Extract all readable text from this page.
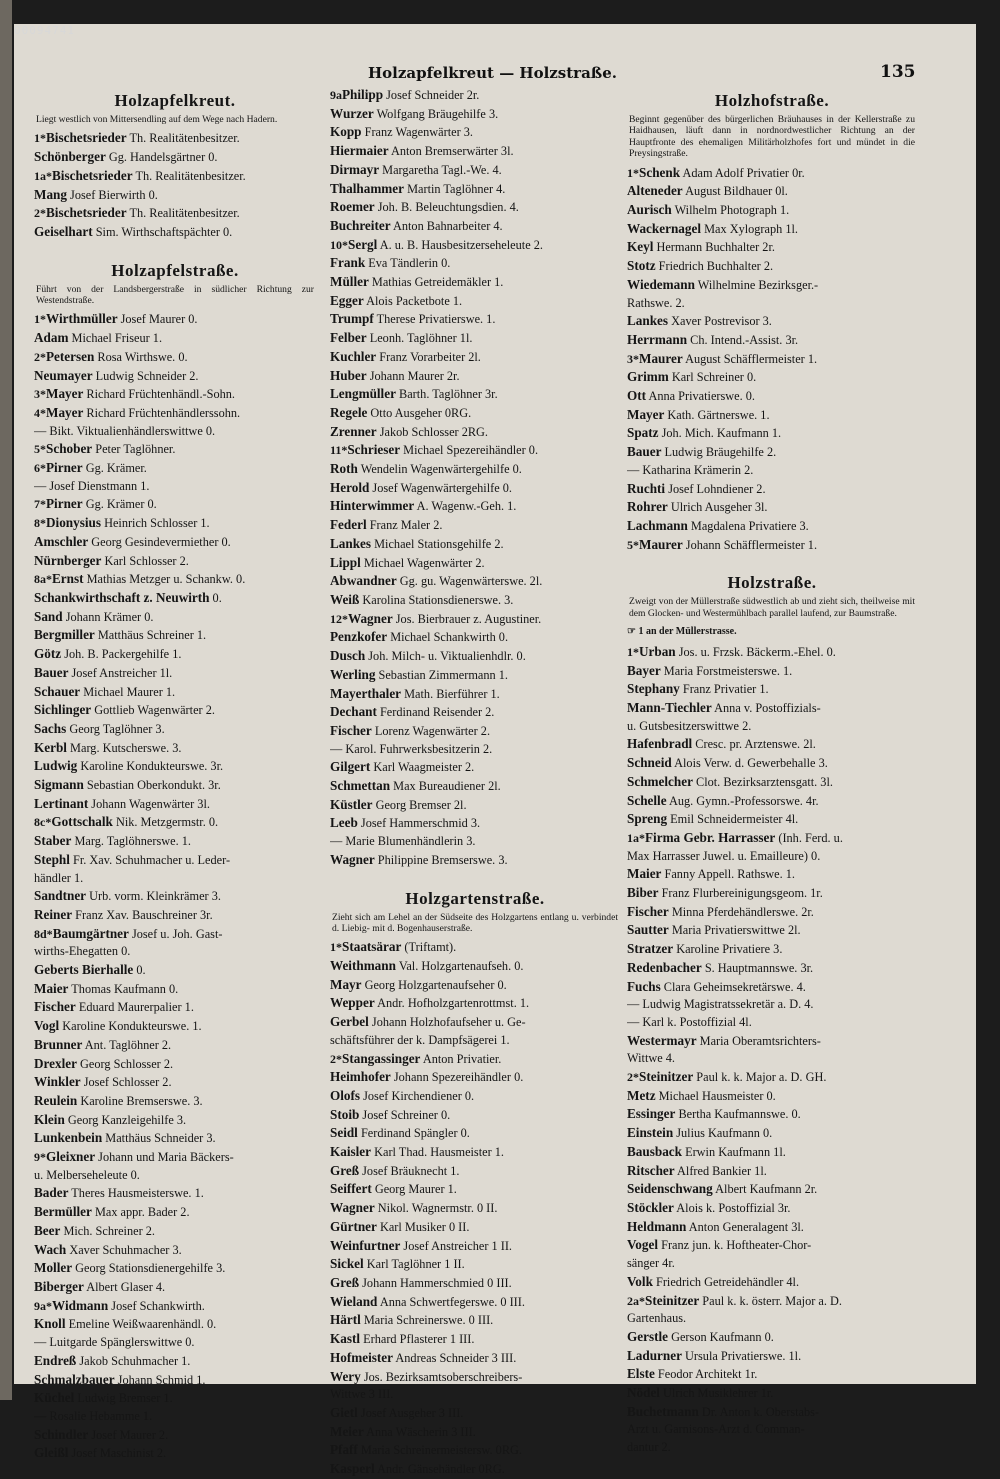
00094741
Holzapfelkreut — Holzstraße.	135
Holzapfelkreut.
Liegt westlich von Mittersendling auf dem Wege nach Hadern.
1*Bischetsrieder Th. Realitätenbesitzer.
Schönberger Gg. Handelsgärtner 0.
1a*Bischetsrieder Th. Realitätenbesitzer.
Mang Josef Bierwirth 0.
2*Bischetsrieder Th. Realitätenbesitzer.
Geiselhart Sim. Wirthschaftspächter 0.
Holzapfelstraße.
Führt von der Landsbergerstraße in südlicher Richtung zur Westendstraße.
1*Wirthmüller Josef Maurer 0.
Adam Michael Friseur 1.
2*Petersen Rosa Wirthswe. 0.
Neumayer Ludwig Schneider 2.
3*Mayer Richard Früchtenhändl.-Sohn.
4*Mayer Richard Früchtenhändlerssohn.
— Bikt. Viktualienhändlerswittwe 0.
5*Schober Peter Taglöhner.
6*Pirner Gg. Krämer.
— Josef Dienstmann 1.
7*Pirner Gg. Krämer 0.
8*Dionysius Heinrich Schlosser 1.
Amschler Georg Gesindevermiether 0.
Nürnberger Karl Schlosser 2.
8a*Ernst Mathias Metzger u. Schankw. 0.
Schankwirthschaft z. Neuwirth 0.
Sand Johann Krämer 0.
Bergmiller Matthäus Schreiner 1.
Götz Joh. B. Packergehilfe 1.
Bauer Josef Anstreicher 1l.
Schauer Michael Maurer 1.
Sichlinger Gottlieb Wagenwärter 2.
Sachs Georg Taglöhner 3.
Kerbl Marg. Kutscherswe. 3.
Ludwig Karoline Kondukteurswe. 3r.
Sigmann Sebastian Oberkondukt. 3r.
Lertinant Johann Wagenwärter 3l.
8c*Gottschalk Nik. Metzgermstr. 0.
Staber Marg. Taglöhnerswe. 1.
Stephl Fr. Xav. Schuhmacher u. Leder-
händler 1.
Sandtner Urb. vorm. Kleinkrämer 3.
Reiner Franz Xav. Bauschreiner 3r.
8d*Baumgärtner Josef u. Joh. Gast-
wirths-Ehegatten 0.
Geberts Bierhalle 0.
Maier Thomas Kaufmann 0.
Fischer Eduard Maurerpalier 1.
Vogl Karoline Kondukteurswe. 1.
Brunner Ant. Taglöhner 2.
Drexler Georg Schlosser 2.
Winkler Josef Schlosser 2.
Reulein Karoline Bremserswe. 3.
Klein Georg Kanzleigehilfe 3.
Lunkenbein Matthäus Schneider 3.
9*Gleixner Johann und Maria Bäckers-
u. Melberseheleute 0.
Bader Theres Hausmeisterswe. 1.
Bermüller Max appr. Bader 2.
Beer Mich. Schreiner 2.
Wach Xaver Schuhmacher 3.
Moller Georg Stationsdienergehilfe 3.
Biberger Albert Glaser 4.
9a*Widmann Josef Schankwirth.
Knoll Emeline Weißwaarenhändl. 0.
— Luitgarde Spänglerswittwe 0.
Endreß Jakob Schuhmacher 1.
Schmalzbauer Johann Schmid 1.
Küchel Ludwig Bremser 1.
— Rosalie Hebamme 1.
Schindler Josef Maurer 2.
Gleißl Josef Maschinist 2.
9aPhilipp Josef Schneider 2r.
Wurzer Wolfgang Bräugehilfe 3.
Kopp Franz Wagenwärter 3.
Hiermaier Anton Bremserwärter 3l.
Dirmayr Margaretha Tagl.-We. 4.
Thalhammer Martin Taglöhner 4.
Roemer Joh. B. Beleuchtungsdien. 4.
Buchreiter Anton Bahnarbeiter 4.
10*Sergl A. u. B. Hausbesitzerseheleute 2.
Frank Eva Tändlerin 0.
Müller Mathias Getreidemäkler 1.
Egger Alois Packetbote 1.
Trumpf Therese Privatierswe. 1.
Felber Leonh. Taglöhner 1l.
Kuchler Franz Vorarbeiter 2l.
Huber Johann Maurer 2r.
Lengmüller Barth. Taglöhner 3r.
Regele Otto Ausgeher 0RG.
Zrenner Jakob Schlosser 2RG.
11*Schrieser Michael Spezereihändler 0.
Roth Wendelin Wagenwärtergehilfe 0.
Herold Josef Wagenwärtergehilfe 0.
Hinterwimmer A. Wagenw.-Geh. 1.
Federl Franz Maler 2.
Lankes Michael Stationsgehilfe 2.
Lippl Michael Wagenwärter 2.
Abwandner Gg. gu. Wagenwärterswe. 2l.
Weiß Karolina Stationsdienerswe. 3.
12*Wagner Jos. Bierbrauer z. Augustiner.
Penzkofer Michael Schankwirth 0.
Dusch Joh. Milch- u. Viktualienhdlr. 0.
Werling Sebastian Zimmermann 1.
Mayerthaler Math. Bierführer 1.
Dechant Ferdinand Reisender 2.
Fischer Lorenz Wagenwärter 2.
— Karol. Fuhrwerksbesitzerin 2.
Gilgert Karl Waagmeister 2.
Schmettan Max Bureaudiener 2l.
Küstler Georg Bremser 2l.
Leeb Josef Hammerschmid 3.
— Marie Blumenhändlerin 3.
Wagner Philippine Bremserswe. 3.
Holzgartenstraße.
Zieht sich am Lehel an der Südseite des Holzgartens entlang u. verbindet d. Liebig- mit d. Bogenhauserstraße.
1*Staatsärar (Triftamt).
Weithmann Val. Holzgartenaufseh. 0.
Mayr Georg Holzgartenaufseher 0.
Wepper Andr. Hofholzgartenrottmst. 1.
Gerbel Johann Holzhofaufseher u. Ge-
schäftsführer der k. Dampfsägerei 1.
2*Stangassinger Anton Privatier.
Heimhofer Johann Spezereihändler 0.
Olofs Josef Kirchendiener 0.
Stoib Josef Schreiner 0.
Seidl Ferdinand Spängler 0.
Kaisler Karl Thad. Hausmeister 1.
Greß Josef Bräuknecht 1.
Seiffert Georg Maurer 1.
Wagner Nikol. Wagnermstr. 0 II.
Gürtner Karl Musiker 0 II.
Weinfurtner Josef Anstreicher 1 II.
Sickel Karl Taglöhner 1 II.
Greß Johann Hammerschmied 0 III.
Wieland Anna Schwertfegerswe. 0 III.
Härtl Maria Schreinerswe. 0 III.
Kastl Erhard Pflasterer 1 III.
Hofmeister Andreas Schneider 3 III.
Wery Jos. Bezirksamtsoberschreibers-
Wittwe 3 III.
Gietl Josef Ausgeher 3 III.
Meier Anna Wäscherin 3 III.
Pfaff Maria Schreinermeistersw. 0RG.
Kasperl Andr. Gänsehändler 0RG.
Holzhofstraße.
Beginnt gegenüber des bürgerlichen Bräuhauses in der Kellerstraße zu Haidhausen, läuft dann in nordnordwestlicher Richtung an der Hauptfronte des ehemaligen Militärholzhofes fort und mündet in die Preysingstraße.
1*Schenk Adam Adolf Privatier 0r.
Alteneder August Bildhauer 0l.
Aurisch Wilhelm Photograph 1.
Wackernagel Max Xylograph 1l.
Keyl Hermann Buchhalter 2r.
Stotz Friedrich Buchhalter 2.
Wiedemann Wilhelmine Bezirksger.-
Rathswe. 2.
Lankes Xaver Postrevisor 3.
Herrmann Ch. Intend.-Assist. 3r.
3*Maurer August Schäfflermeister 1.
Grimm Karl Schreiner 0.
Ott Anna Privatierswe. 0.
Mayer Kath. Gärtnerswe. 1.
Spatz Joh. Mich. Kaufmann 1.
Bauer Ludwig Bräugehilfe 2.
— Katharina Krämerin 2.
Ruchti Josef Lohndiener 2.
Rohrer Ulrich Ausgeher 3l.
Lachmann Magdalena Privatiere 3.
5*Maurer Johann Schäfflermeister 1.
Holzstraße.
Zweigt von der Müllerstraße südwestlich ab und zieht sich, theilweise mit dem Glocken- und Westermühlbach parallel laufend, zur Baumstraße.
☞ 1 an der Müllerstrasse.
1*Urban Jos. u. Frzsk. Bäckerm.-Ehel. 0.
Bayer Maria Forstmeisterswe. 1.
Stephany Franz Privatier 1.
Mann-Tiechler Anna v. Postoffizials-
u. Gutsbesitzerswittwe 2.
Hafenbradl Cresc. pr. Arztenswe. 2l.
Schneid Alois Verw. d. Gewerbehalle 3.
Schmelcher Clot. Bezirksarztensgatt. 3l.
Schelle Aug. Gymn.-Professorswe. 4r.
Spreng Emil Schneidermeister 4l.
1a*Firma Gebr. Harrasser (Inh. Ferd. u.
Max Harrasser Juwel. u. Emailleure) 0.
Maier Fanny Appell. Rathswe. 1.
Biber Franz Flurbereinigungsgeom. 1r.
Fischer Minna Pferdehändlerswe. 2r.
Sautter Maria Privatierswittwe 2l.
Stratzer Karoline Privatiere 3.
Redenbacher S. Hauptmannswe. 3r.
Fuchs Clara Geheimsekretärswe. 4.
— Ludwig Magistratssekretär a. D. 4.
— Karl k. Postoffizial 4l.
Westermayr Maria Oberamtsrichters-
Wittwe 4.
2*Steinitzer Paul k. k. Major a. D. GH.
Metz Michael Hausmeister 0.
Essinger Bertha Kaufmannswe. 0.
Einstein Julius Kaufmann 0.
Bausback Erwin Kaufmann 1l.
Ritscher Alfred Bankier 1l.
Seidenschwang Albert Kaufmann 2r.
Stöckler Alois k. Postoffizial 3r.
Heldmann Anton Generalagent 3l.
Vogel Franz jun. k. Hoftheater-Chor-
sänger 4r.
Volk Friedrich Getreidehändler 4l.
2a*Steinitzer Paul k. k. österr. Major a. D.
Gartenhaus.
Gerstle Gerson Kaufmann 0.
Ladurner Ursula Privatierswe. 1l.
Elste Feodor Architekt 1r.
Nödel Ulrich Musiklehrer 1r.
Buchetmann Dr. Anton k. Oberstabs-
Arzt u. Garnisons-Arzt d. Comman-
dantur 2.
